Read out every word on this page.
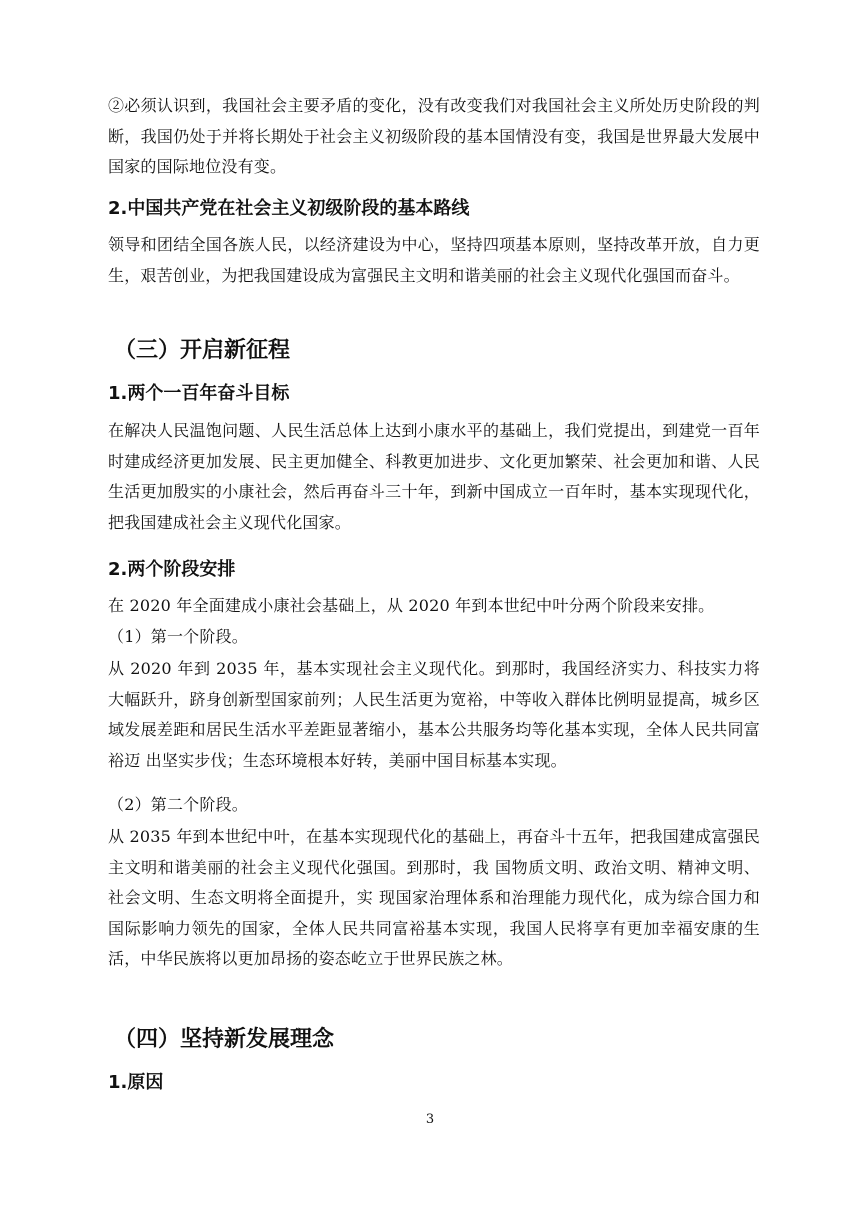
②必须认识到，我国社会主要矛盾的变化，没有改变我们对我国社会主义所处历史阶段的判断，我国仍处于并将长期处于社会主义初级阶段的基本国情没有变，我国是世界最大发展中国家的国际地位没有变。

2.中国共产党在社会主义初级阶段的基本路线

领导和团结全国各族人民，以经济建设为中心，坚持四项基本原则，坚持改革开放，自力更生，艰苦创业，为把我国建设成为富强民主文明和谐美丽的社会主义现代化强国而奋斗。

（三）开启新征程
1.两个一百年奋斗目标

在解决人民温饱问题、人民生活总体上达到小康水平的基础上，我们党提出，到建党一百年时建成经济更加发展、民主更加健全、科教更加进步、文化更加繁荣、社会更加和谐、人民生活更加殷实的小康社会，然后再奋斗三十年，到新中国成立一百年时，基本实现现代化，把我国建成社会主义现代化国家。

2.两个阶段安排

在 2020 年全面建成小康社会基础上，从 2020 年到本世纪中叶分两个阶段来安排。

（1）第一个阶段。

从 2020 年到 2035 年，基本实现社会主义现代化。到那时，我国经济实力、科技实力将大幅跃升，跻身创新型国家前列；人民生活更为宽裕，中等收入群体比例明显提高，城乡区域发展差距和居民生活水平差距显著缩小，基本公共服务均等化基本实现，全体人民共同富裕迈 出坚实步伐；生态环境根本好转，美丽中国目标基本实现。

（2）第二个阶段。

从 2035 年到本世纪中叶，在基本实现现代化的基础上，再奋斗十五年，把我国建成富强民主文明和谐美丽的社会主义现代化强国。到那时，我 国物质文明、政治文明、精神文明、社会文明、生态文明将全面提升，实 现国家治理体系和治理能力现代化，成为综合国力和国际影响力领先的国家，全体人民共同富裕基本实现，我国人民将享有更加幸福安康的生活，中华民族将以更加昂扬的姿态屹立于世界民族之林。

（四）坚持新发展理念
1.原因
3
